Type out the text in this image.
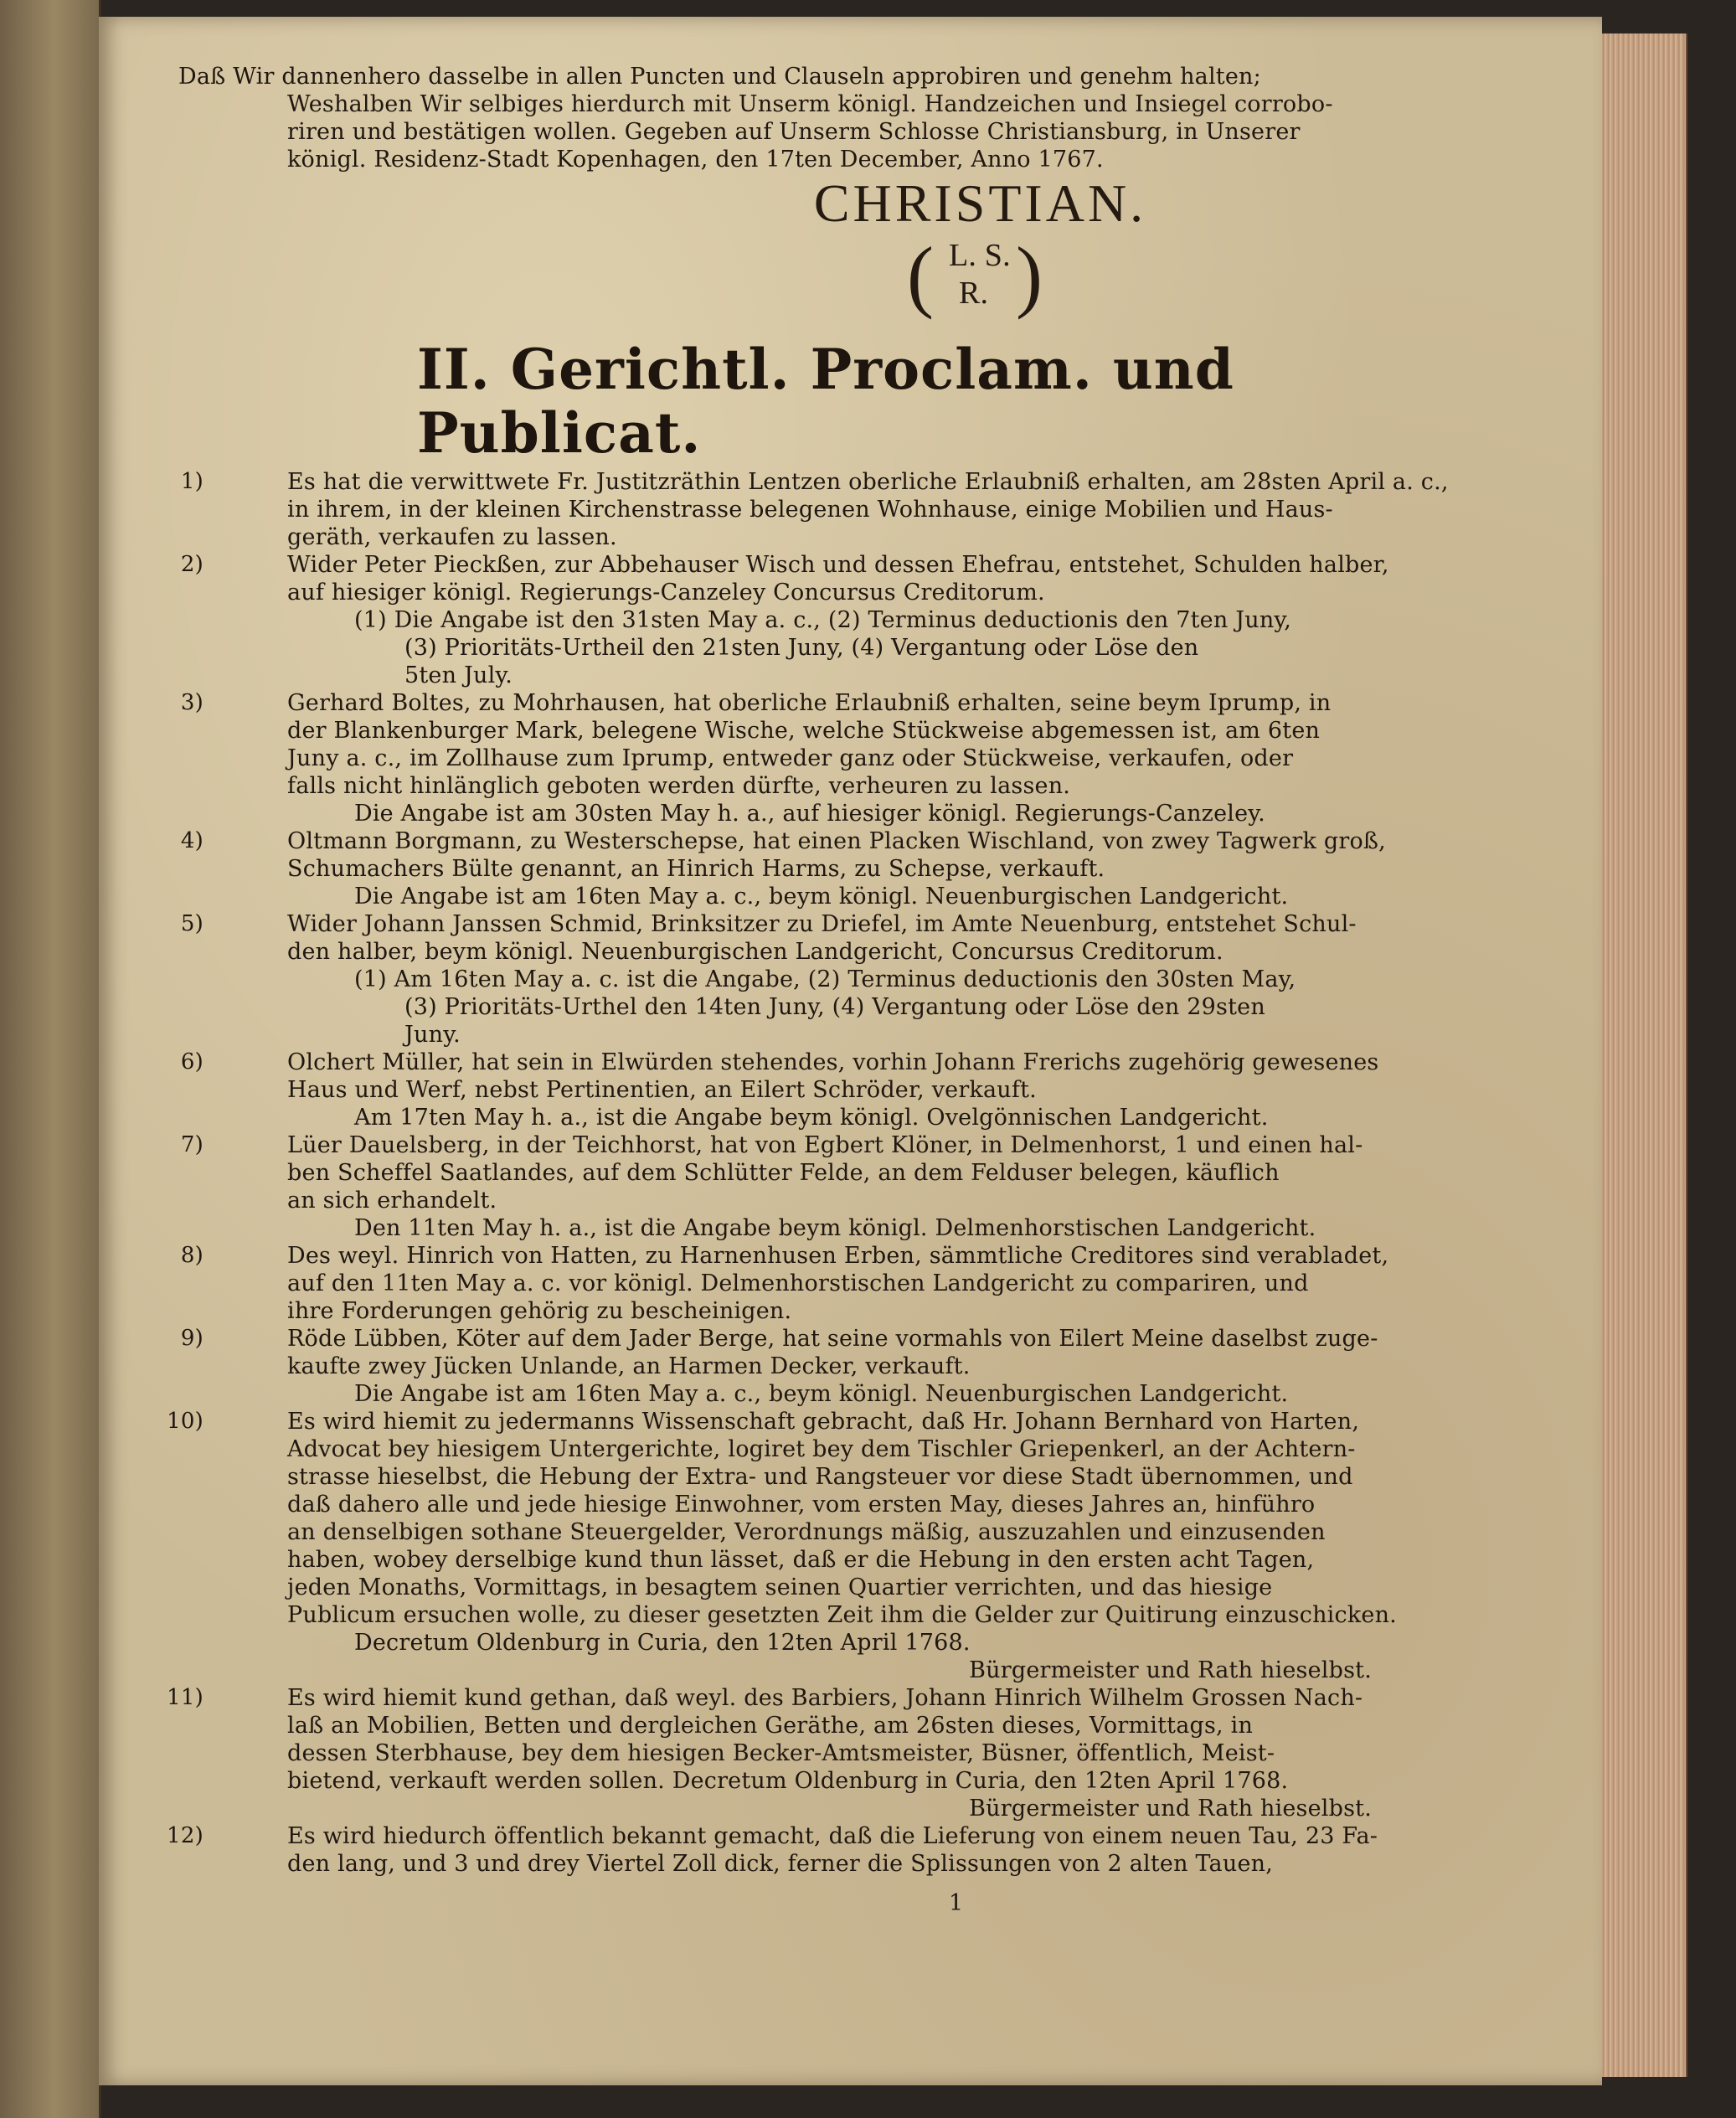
Daß Wir dannenhero dasselbe in allen Puncten und Clauseln approbiren und genehm halten;
Weshalben Wir selbiges hierdurch mit Unserm königl. Handzeichen und Insiegel corrobo-
riren und bestätigen wollen. Gegeben auf Unserm Schlosse Christiansburg, in Unserer
königl. Residenz-Stadt Kopenhagen, den 17ten December, Anno 1767.
CHRISTIAN.
( L. S.
R. )
II. Gerichtl. Proclam. und Publicat.
1)	Es hat die verwittwete Fr. Justitzräthin Lentzen oberliche Erlaubniß erhalten, am 28sten April a. c.,
in ihrem, in der kleinen Kirchenstrasse belegenen Wohnhause, einige Mobilien und Haus-
geräth, verkaufen zu lassen.
2)	Wider Peter Pieckßen, zur Abbehauser Wisch und dessen Ehefrau, entstehet, Schulden halber,
auf hiesiger königl. Regierungs-Canzeley Concursus Creditorum.
(1) Die Angabe ist den 31sten May a. c., (2) Terminus deductionis den 7ten Juny,
(3) Prioritäts-Urtheil den 21sten Juny, (4) Vergantung oder Löse den
5ten July.
3)	Gerhard Boltes, zu Mohrhausen, hat oberliche Erlaubniß erhalten, seine beym Iprump, in
der Blankenburger Mark, belegene Wische, welche Stückweise abgemessen ist, am 6ten
Juny a. c., im Zollhause zum Iprump, entweder ganz oder Stückweise, verkaufen, oder
falls nicht hinlänglich geboten werden dürfte, verheuren zu lassen.
Die Angabe ist am 30sten May h. a., auf hiesiger königl. Regierungs-Canzeley.
4)	Oltmann Borgmann, zu Westerschepse, hat einen Placken Wischland, von zwey Tagwerk groß,
Schumachers Bülte genannt, an Hinrich Harms, zu Schepse, verkauft.
Die Angabe ist am 16ten May a. c., beym königl. Neuenburgischen Landgericht.
5)	Wider Johann Janssen Schmid, Brinksitzer zu Driefel, im Amte Neuenburg, entstehet Schul-
den halber, beym königl. Neuenburgischen Landgericht, Concursus Creditorum.
(1) Am 16ten May a. c. ist die Angabe, (2) Terminus deductionis den 30sten May,
(3) Prioritäts-Urthel den 14ten Juny, (4) Vergantung oder Löse den 29sten
Juny.
6)	Olchert Müller, hat sein in Elwürden stehendes, vorhin Johann Frerichs zugehörig gewesenes
Haus und Werf, nebst Pertinentien, an Eilert Schröder, verkauft.
Am 17ten May h. a., ist die Angabe beym königl. Ovelgönnischen Landgericht.
7)	Lüer Dauelsberg, in der Teichhorst, hat von Egbert Klöner, in Delmenhorst, 1 und einen hal-
ben Scheffel Saatlandes, auf dem Schlütter Felde, an dem Felduser belegen, käuflich
an sich erhandelt.
Den 11ten May h. a., ist die Angabe beym königl. Delmenhorstischen Landgericht.
8)	Des weyl. Hinrich von Hatten, zu Harnenhusen Erben, sämmtliche Creditores sind verabladet,
auf den 11ten May a. c. vor königl. Delmenhorstischen Landgericht zu compariren, und
ihre Forderungen gehörig zu bescheinigen.
9)	Röde Lübben, Köter auf dem Jader Berge, hat seine vormahls von Eilert Meine daselbst zuge-
kaufte zwey Jücken Unlande, an Harmen Decker, verkauft.
Die Angabe ist am 16ten May a. c., beym königl. Neuenburgischen Landgericht.
10)	Es wird hiemit zu jedermanns Wissenschaft gebracht, daß Hr. Johann Bernhard von Harten,
Advocat bey hiesigem Untergerichte, logiret bey dem Tischler Griepenkerl, an der Achtern-
strasse hieselbst, die Hebung der Extra- und Rangsteuer vor diese Stadt übernommen, und
daß dahero alle und jede hiesige Einwohner, vom ersten May, dieses Jahres an, hinführo
an denselbigen sothane Steuergelder, Verordnungs mäßig, auszuzahlen und einzusenden
haben, wobey derselbige kund thun lässet, daß er die Hebung in den ersten acht Tagen,
jeden Monaths, Vormittags, in besagtem seinen Quartier verrichten, und das hiesige
Publicum ersuchen wolle, zu dieser gesetzten Zeit ihm die Gelder zur Quitirung einzuschicken.
Decretum Oldenburg in Curia, den 12ten April 1768.
Bürgermeister und Rath hieselbst.
11)	Es wird hiemit kund gethan, daß weyl. des Barbiers, Johann Hinrich Wilhelm Grossen Nach-
laß an Mobilien, Betten und dergleichen Geräthe, am 26sten dieses, Vormittags, in
dessen Sterbhause, bey dem hiesigen Becker-Amtsmeister, Büsner, öffentlich, Meist-
bietend, verkauft werden sollen. Decretum Oldenburg in Curia, den 12ten April 1768.
Bürgermeister und Rath hieselbst.
12)	Es wird hiedurch öffentlich bekannt gemacht, daß die Lieferung von einem neuen Tau, 23 Fa-
den lang, und 3 und drey Viertel Zoll dick, ferner die Splissungen von 2 alten Tauen,
1
